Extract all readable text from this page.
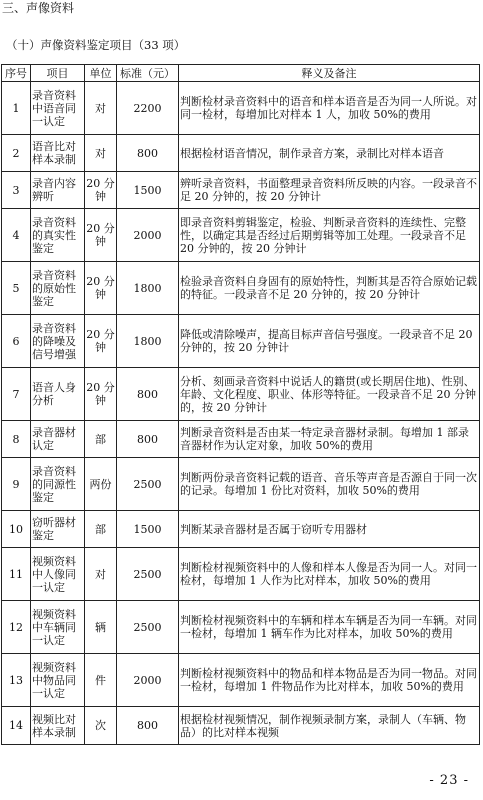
三、声像资料
（十）声像资料鉴定项目（33 项）
序号	项目	单位	标准（元）	释义及备注
1	录音资料中语音同一认定	对	2200	判断检材录音资料中的语音和样本语音是否为同一人所说。对同一检材，每增加比对样本 1 人，加收 50%的费用
2	语音比对样本录制	对	800	根据检材语音情况，制作录音方案，录制比对样本语音
3	录音内容辨听	20 分钟	1500	辨听录音资料，书面整理录音资料所反映的内容。一段录音不足 20 分钟的，按 20 分钟计
4	录音资料的真实性鉴定	20 分钟	2000	即录音资料剪辑鉴定，检验、判断录音资料的连续性、完整性，以确定其是否经过后期剪辑等加工处理。一段录音不足 20 分钟的，按 20 分钟计
5	录音资料的原始性鉴定	20 分钟	1800	检验录音资料自身固有的原始特性，判断其是否符合原始记载的特征。一段录音不足 20 分钟的，按 20 分钟计
6	录音资料的降噪及信号增强	20 分钟	1800	降低或清除噪声，提高目标声音信号强度。一段录音不足 20 分钟的，按 20 分钟计
7	语音人身分析	20 分钟	800	分析、刻画录音资料中说话人的籍贯(或长期居住地)、性别、年龄、文化程度、职业、体形等特征。一段录音不足 20 分钟的，按 20 分钟计
8	录音器材认定	部	800	判断录音资料是否由某一特定录音器材录制。每增加 1 部录音器材作为认定对象，加收 50%的费用
9	录音资料的同源性鉴定	两份	2500	判断两份录音资料记载的语音、音乐等声音是否源自于同一次的记录。每增加 1 份比对资料，加收 50%的费用
10	窃听器材鉴定	部	1500	判断某录音器材是否属于窃听专用器材
11	视频资料中人像同一认定	对	2500	判断检材视频资料中的人像和样本人像是否为同一人。对同一检材，每增加 1 人作为比对样本，加收 50%的费用
12	视频资料中车辆同一认定	辆	2500	判断检材视频资料中的车辆和样本车辆是否为同一车辆。对同一检材，每增加 1 辆车作为比对样本，加收 50%的费用
13	视频资料中物品同一认定	件	2000	判断检材视频资料中的物品和样本物品是否为同一物品。对同一检材，每增加 1 件物品作为比对样本，加收 50%的费用
14	视频比对样本录制	次	800	根据检材视频情况，制作视频录制方案，录制人（车辆、物品）的比对样本视频
- 23 -
